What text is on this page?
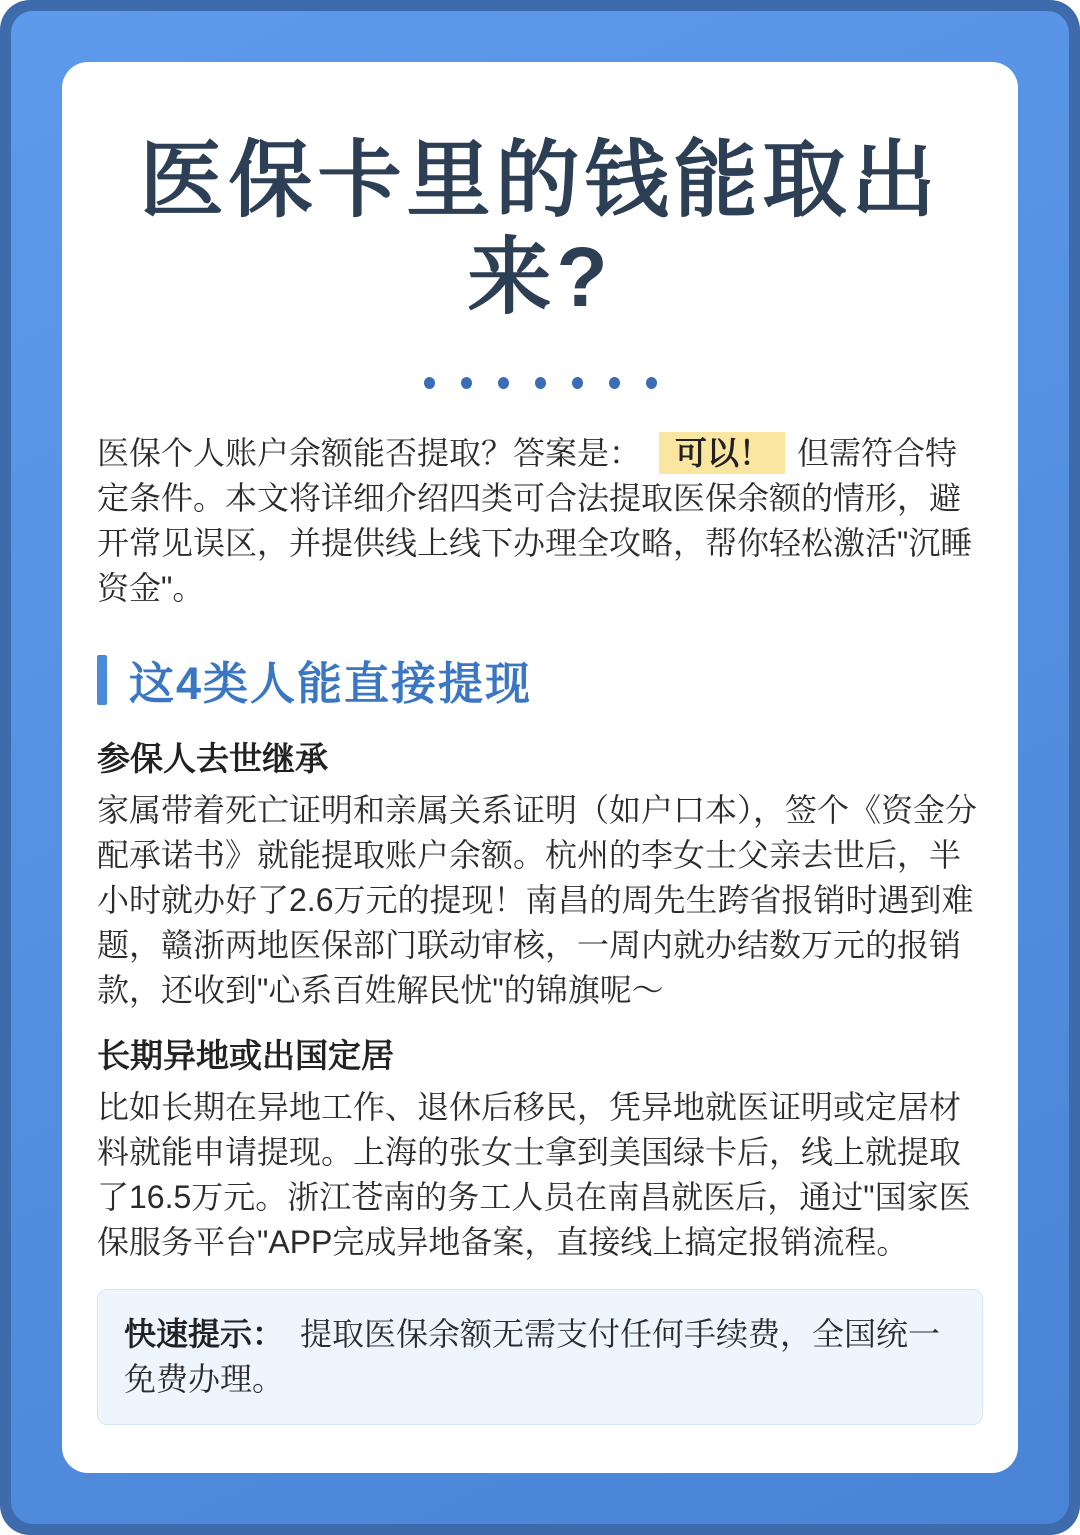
医保卡里的钱能取出来?

医保个人账户余额能否提取？答案是： 可以！ 但需符合特定条件。本文将详细介绍四类可合法提取医保余额的情形，避开常见误区，并提供线上线下办理全攻略，帮你轻松激活"沉睡资金"。

这4类人能直接提现
参保人去世继承

家属带着死亡证明和亲属关系证明（如户口本），签个《资金分配承诺书》就能提取账户余额。杭州的李女士父亲去世后，半小时就办好了2.6万元的提现！南昌的周先生跨省报销时遇到难题，赣浙两地医保部门联动审核，一周内就办结数万元的报销款，还收到"心系百姓解民忧"的锦旗呢～

长期异地或出国定居

比如长期在异地工作、退休后移民，凭异地就医证明或定居材料就能申请提现。上海的张女士拿到美国绿卡后，线上就提取了16.5万元。浙江苍南的务工人员在南昌就医后，通过"国家医保服务平台"APP完成异地备案，直接线上搞定报销流程。

快速提示： 提取医保余额无需支付任何手续费，全国统一免费办理。
